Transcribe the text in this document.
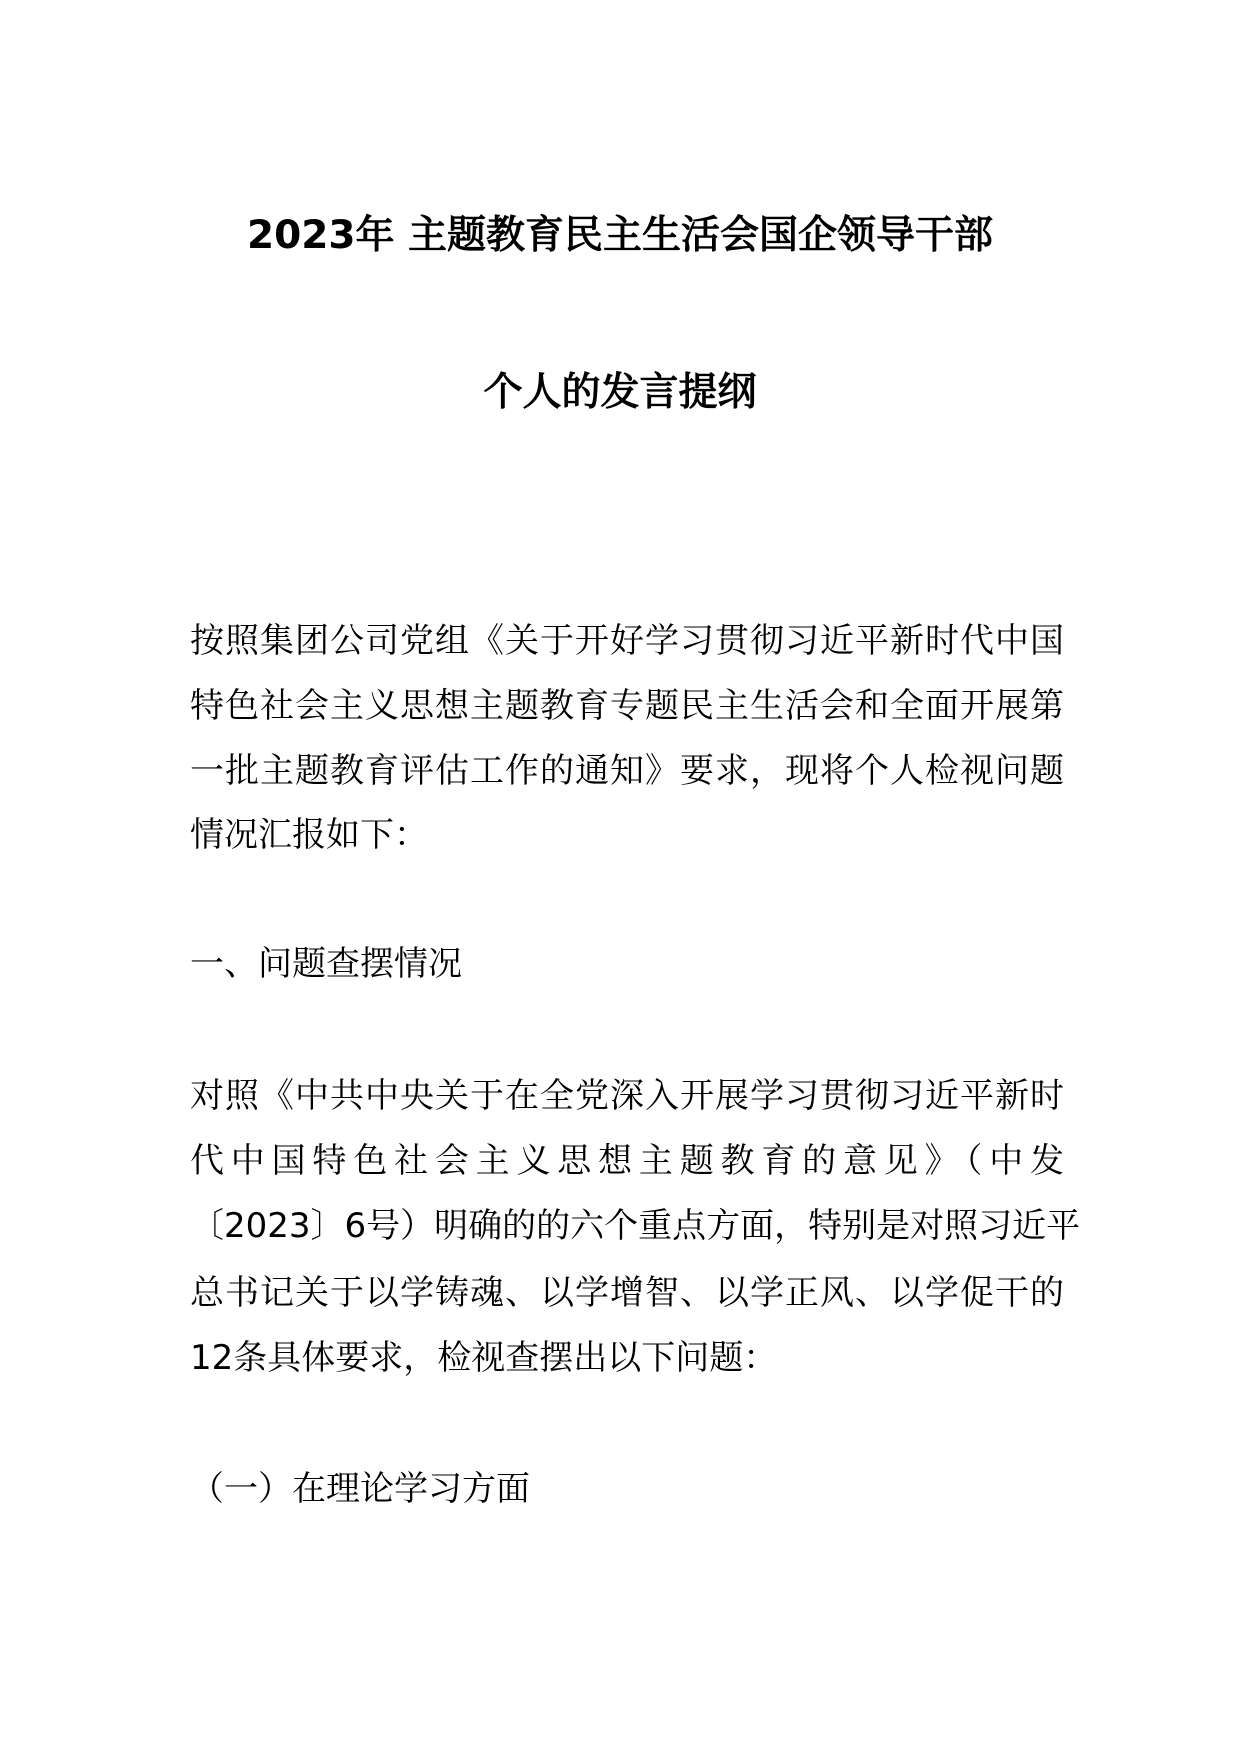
2023年 主题教育民主生活会国企领导干部
个人的发言提纲
按照集团公司党组《关于开好学习贯彻习近平新时代中国
特色社会主义思想主题教育专题民主生活会和全面开展第
一批主题教育评估工作的通知》要求，现将个人检视问题
情况汇报如下：
一、问题查摆情况
对照《中共中央关于在全党深入开展学习贯彻习近平新时
代中国特色社会主义思想主题教育的意见》（中发
〔2023〕6号）明确的的六个重点方面，特别是对照习近平
总书记关于以学铸魂、以学增智、以学正风、以学促干的
12条具体要求，检视查摆出以下问题：
（一）在理论学习方面
